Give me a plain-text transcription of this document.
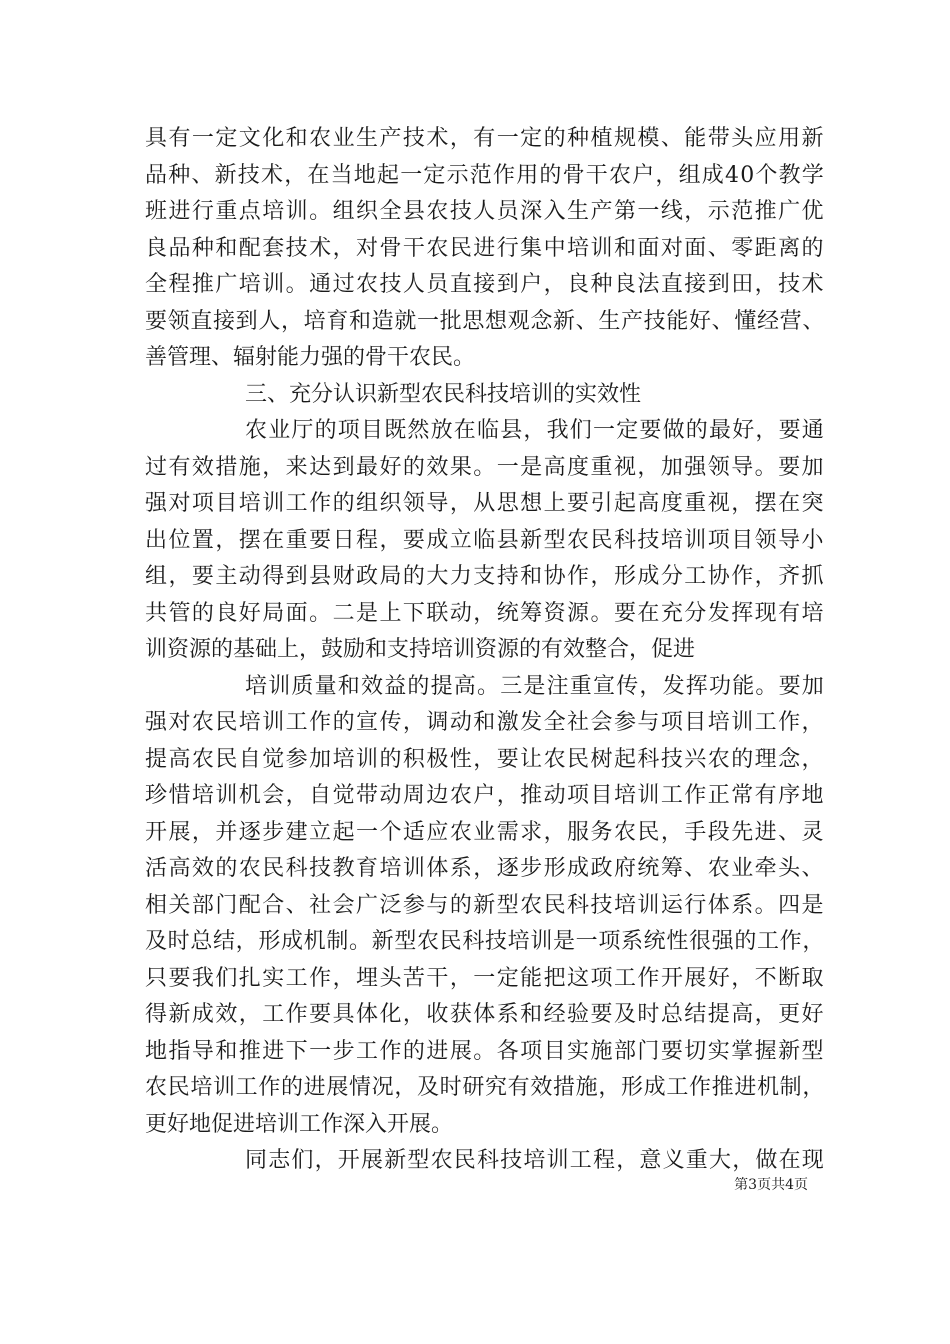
具有一定文化和农业生产技术，有一定的种植规模、能带头应用新
品种、新技术，在当地起一定示范作用的骨干农户，组成40个教学
班进行重点培训。组织全县农技人员深入生产第一线，示范推广优
良品种和配套技术，对骨干农民进行集中培训和面对面、零距离的
全程推广培训。通过农技人员直接到户，良种良法直接到田，技术
要领直接到人，培育和造就一批思想观念新、生产技能好、懂经营、
善管理、辐射能力强的骨干农民。
三、充分认识新型农民科技培训的实效性
农业厅的项目既然放在临县，我们一定要做的最好，要通
过有效措施，来达到最好的效果。一是高度重视，加强领导。要加
强对项目培训工作的组织领导，从思想上要引起高度重视，摆在突
出位置，摆在重要日程，要成立临县新型农民科技培训项目领导小
组，要主动得到县财政局的大力支持和协作，形成分工协作，齐抓
共管的良好局面。二是上下联动，统筹资源。要在充分发挥现有培
训资源的基础上，鼓励和支持培训资源的有效整合，促进
培训质量和效益的提高。三是注重宣传，发挥功能。要加
强对农民培训工作的宣传，调动和激发全社会参与项目培训工作，
提高农民自觉参加培训的积极性，要让农民树起科技兴农的理念，
珍惜培训机会，自觉带动周边农户，推动项目培训工作正常有序地
开展，并逐步建立起一个适应农业需求，服务农民，手段先进、灵
活高效的农民科技教育培训体系，逐步形成政府统筹、农业牵头、
相关部门配合、社会广泛参与的新型农民科技培训运行体系。四是
及时总结，形成机制。新型农民科技培训是一项系统性很强的工作，
只要我们扎实工作，埋头苦干，一定能把这项工作开展好，不断取
得新成效，工作要具体化，收获体系和经验要及时总结提高，更好
地指导和推进下一步工作的进展。各项目实施部门要切实掌握新型
农民培训工作的进展情况，及时研究有效措施，形成工作推进机制，
更好地促进培训工作深入开展。
同志们，开展新型农民科技培训工程，意义重大，做在现
第3页共4页
